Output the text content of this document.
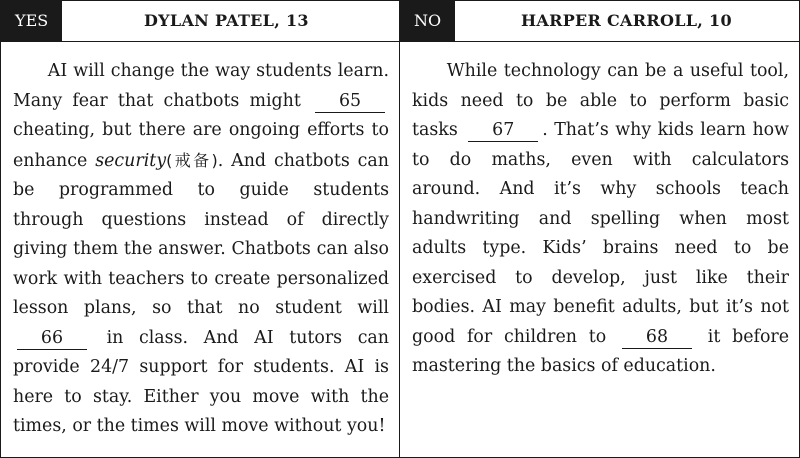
YES	DYLAN PATEL, 13

AI will change the way students learn. Many fear that chatbots might 65 cheating, but there are ongoing efforts to enhance security(戒备). And chatbots can be programmed to guide students through questions instead of directly giving them the answer. Chatbots can also work with teachers to create personalized lesson plans, so that no student will 66	in class. And AI tutors can provide 24/7 support for students. AI is here to stay. Either you move with the times, or the times will move without you!

NO	HARPER CARROLL, 10

While technology can be a useful tool, kids need to be able to perform basic tasks 67 . That’s why kids learn how to do maths, even with calculators around. And it’s why schools teach handwriting and spelling when most adults type. Kids’ brains need to be exercised to develop, just like their bodies. AI may benefit adults, but it’s not good for children to 68 it before mastering the basics of education.
